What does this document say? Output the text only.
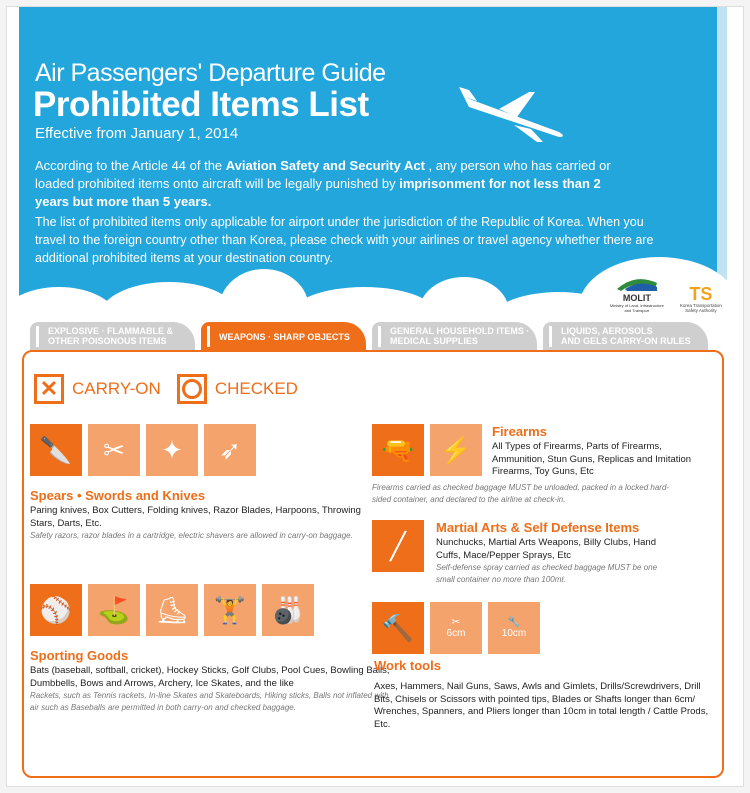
Air Passengers' Departure Guide
Prohibited Items List
Effective from January 1, 2014
According to the Article 44 of the Aviation Safety and Security Act , any person who has carried or loaded prohibited items onto aircraft will be legally punished by imprisonment for not less than 2 years but more than 5 years.
The list of prohibited items only applicable for airport under the jurisdiction of the Republic of Korea. When you travel to the foreign country other than Korea, please check with your airlines or travel agency whether there are additional prohibited items at your destination country.
MOLIT
Ministry of Land, Infrastructure and Transport
TS
Korea Transportation Safety Authority
EXPLOSIVE · FLAMMABLE &
OTHER POISONOUS ITEMS	WEAPONS · SHARP OBJECTS
GENERAL HOUSEHOLD ITEMS ·
MEDICAL SUPPLIES
LIQUIDS, AEROSOLS
AND GELS CARRY-ON RULES
✕ CARRY-ON	CHECKED
🔪	✂	✦	➶
Spears • Swords and Knives
Paring knives, Box Cutters, Folding knives, Razor Blades, Harpoons, Throwing Stars, Darts, Etc.
Safety razors, razor blades in a cartridge, electric shavers are allowed in carry-on baggage.
⚾ ⛳ ⛸ 🏋 🎳
Sporting Goods
Bats (baseball, softball, cricket), Hockey Sticks, Golf Clubs, Pool Cues, Bowling Balls, Dumbbells, Bows and Arrows, Archery, Ice Skates, and the like
Rackets, such as Tennis rackets, In-line Skates and Skateboards, Hiking sticks, Balls not inflated with air such as Baseballs are permitted in both carry-on and checked baggage.
🔫 ⚡
Firearms
All Types of Firearms, Parts of Firearms, Ammunition, Stun Guns, Replicas and Imitation Firearms, Toy Guns, Etc
Firearms carried as checked baggage MUST be unloaded, packed in a locked hard-sided container, and declared to the airline at check-in.
╱
Martial Arts & Self Defense Items
Nunchucks, Martial Arts Weapons, Billy Clubs, Hand Cuffs, Mace/Pepper Sprays, Etc
Self-defense spray carried as checked baggage MUST be one small container no more than 100mℓ.
🔨	✂
6cm
🔧
10cm
Work tools
Axes, Hammers, Nail Guns, Saws, Awls and Gimlets, Drills/Screwdrivers, Drill Bits, Chisels or Scissors with pointed tips, Blades or Shafts longer than 6cm/ Wrenches, Spanners, and Pliers longer than 10cm in total length / Cattle Prods, Etc.
